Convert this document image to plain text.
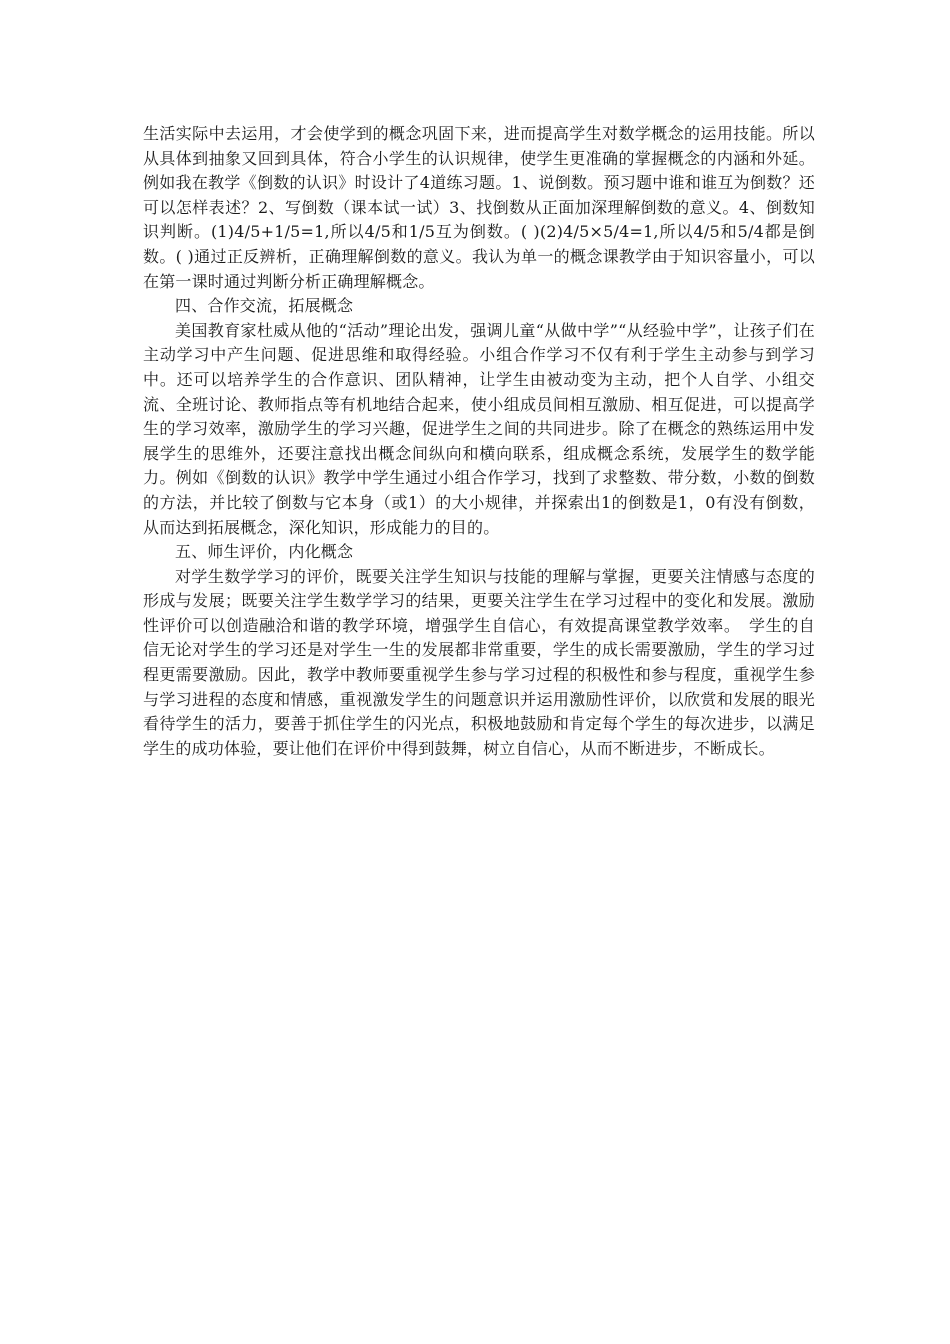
生活实际中去运用，才会使学到的概念巩固下来，进而提高学生对数学概念的运用技能。所以从具体到抽象又回到具体，符合小学生的认识规律，使学生更准确的掌握概念的内涵和外延。例如我在教学《倒数的认识》时设计了4道练习题。1、说倒数。预习题中谁和谁互为倒数？还可以怎样表述？2、写倒数（课本试一试）3、找倒数从正面加深理解倒数的意义。4、倒数知识判断。(1)4/5+1/5=1,所以4/5和1/5互为倒数。( )(2)4/5×5/4=1,所以4/5和5/4都是倒数。( )通过正反辨析，正确理解倒数的意义。我认为单一的概念课教学由于知识容量小，可以在第一课时通过判断分析正确理解概念。

四、合作交流，拓展概念

美国教育家杜威从他的“活动”理论出发，强调儿童“从做中学”“从经验中学”，让孩子们在主动学习中产生问题、促进思维和取得经验。小组合作学习不仅有利于学生主动参与到学习中。还可以培养学生的合作意识、团队精神，让学生由被动变为主动，把个人自学、小组交流、全班讨论、教师指点等有机地结合起来，使小组成员间相互激励、相互促进，可以提高学生的学习效率，激励学生的学习兴趣，促进学生之间的共同进步。除了在概念的熟练运用中发展学生的思维外，还要注意找出概念间纵向和横向联系，组成概念系统，发展学生的数学能力。例如《倒数的认识》教学中学生通过小组合作学习，找到了求整数、带分数，小数的倒数的方法，并比较了倒数与它本身（或1）的大小规律，并探索出1的倒数是1，0有没有倒数，从而达到拓展概念，深化知识，形成能力的目的。

五、师生评价，内化概念

对学生数学学习的评价，既要关注学生知识与技能的理解与掌握，更要关注情感与态度的形成与发展；既要关注学生数学学习的结果，更要关注学生在学习过程中的变化和发展。激励性评价可以创造融洽和谐的教学环境，增强学生自信心，有效提高课堂教学效率。　学生的自信无论对学生的学习还是对学生一生的发展都非常重要，学生的成长需要激励，学生的学习过程更需要激励。因此，教学中教师要重视学生参与学习过程的积极性和参与程度，重视学生参与学习进程的态度和情感，重视激发学生的问题意识并运用激励性评价，以欣赏和发展的眼光看待学生的活力，要善于抓住学生的闪光点，积极地鼓励和肯定每个学生的每次进步，以满足学生的成功体验，要让他们在评价中得到鼓舞，树立自信心，从而不断进步，不断成长。
